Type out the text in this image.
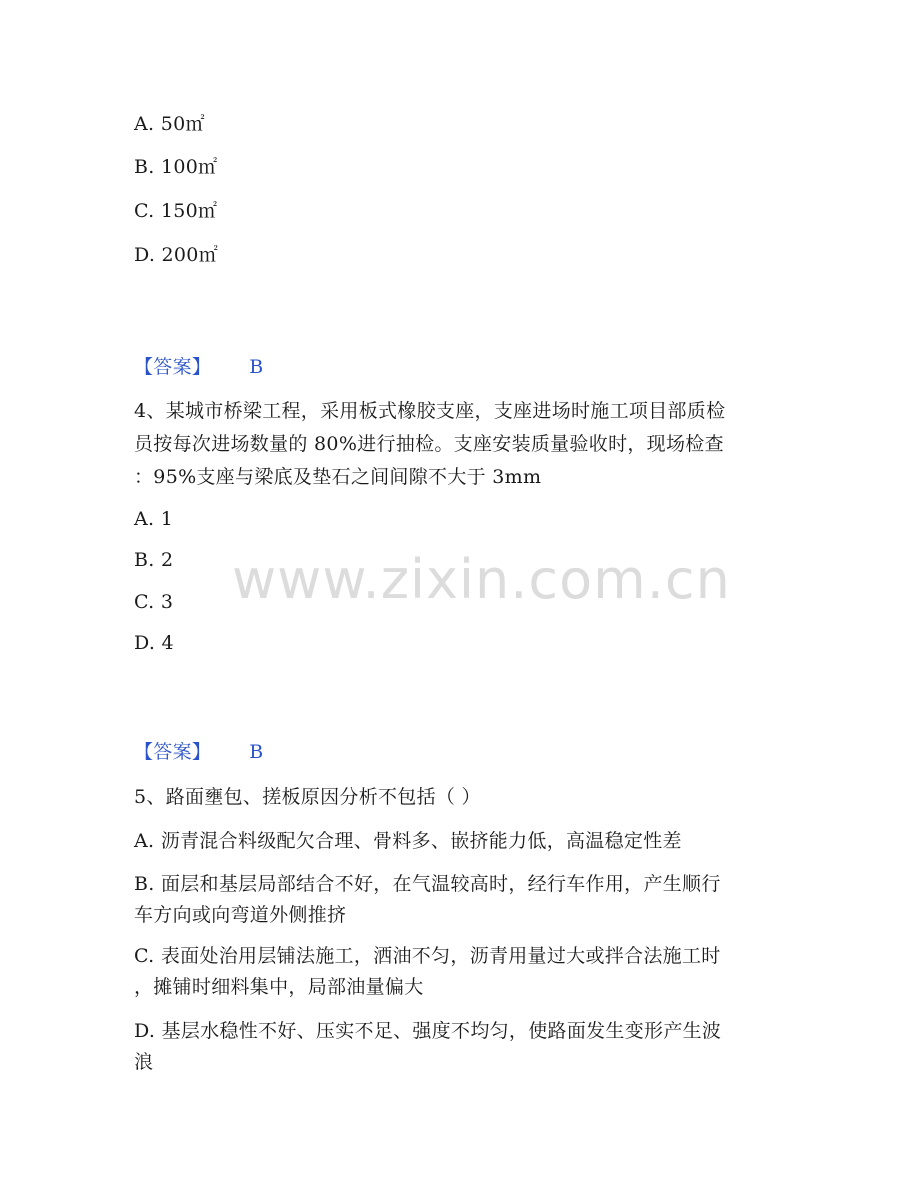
A. 50㎡
B. 100㎡
C. 150㎡
D. 200㎡
【答案】 B
4、某城市桥梁工程，采用板式橡胶支座，支座进场时施工项目部质检
员按每次进场数量的 80%进行抽检。支座安装质量验收时，现场检查
：95%支座与梁底及垫石之间间隙不大于 3mm
A. 1
B. 2
C. 3
D. 4
【答案】 B
5、路面壅包、搓板原因分析不包括（ ）
A. 沥青混合料级配欠合理、骨料多、嵌挤能力低，高温稳定性差
B. 面层和基层局部结合不好，在气温较高时，经行车作用，产生顺行
车方向或向弯道外侧推挤
C. 表面处治用层铺法施工，洒油不匀，沥青用量过大或拌合法施工时
，摊铺时细料集中，局部油量偏大
D. 基层水稳性不好、压实不足、强度不均匀，使路面发生变形产生波
浪
www.zixin.com.cn
